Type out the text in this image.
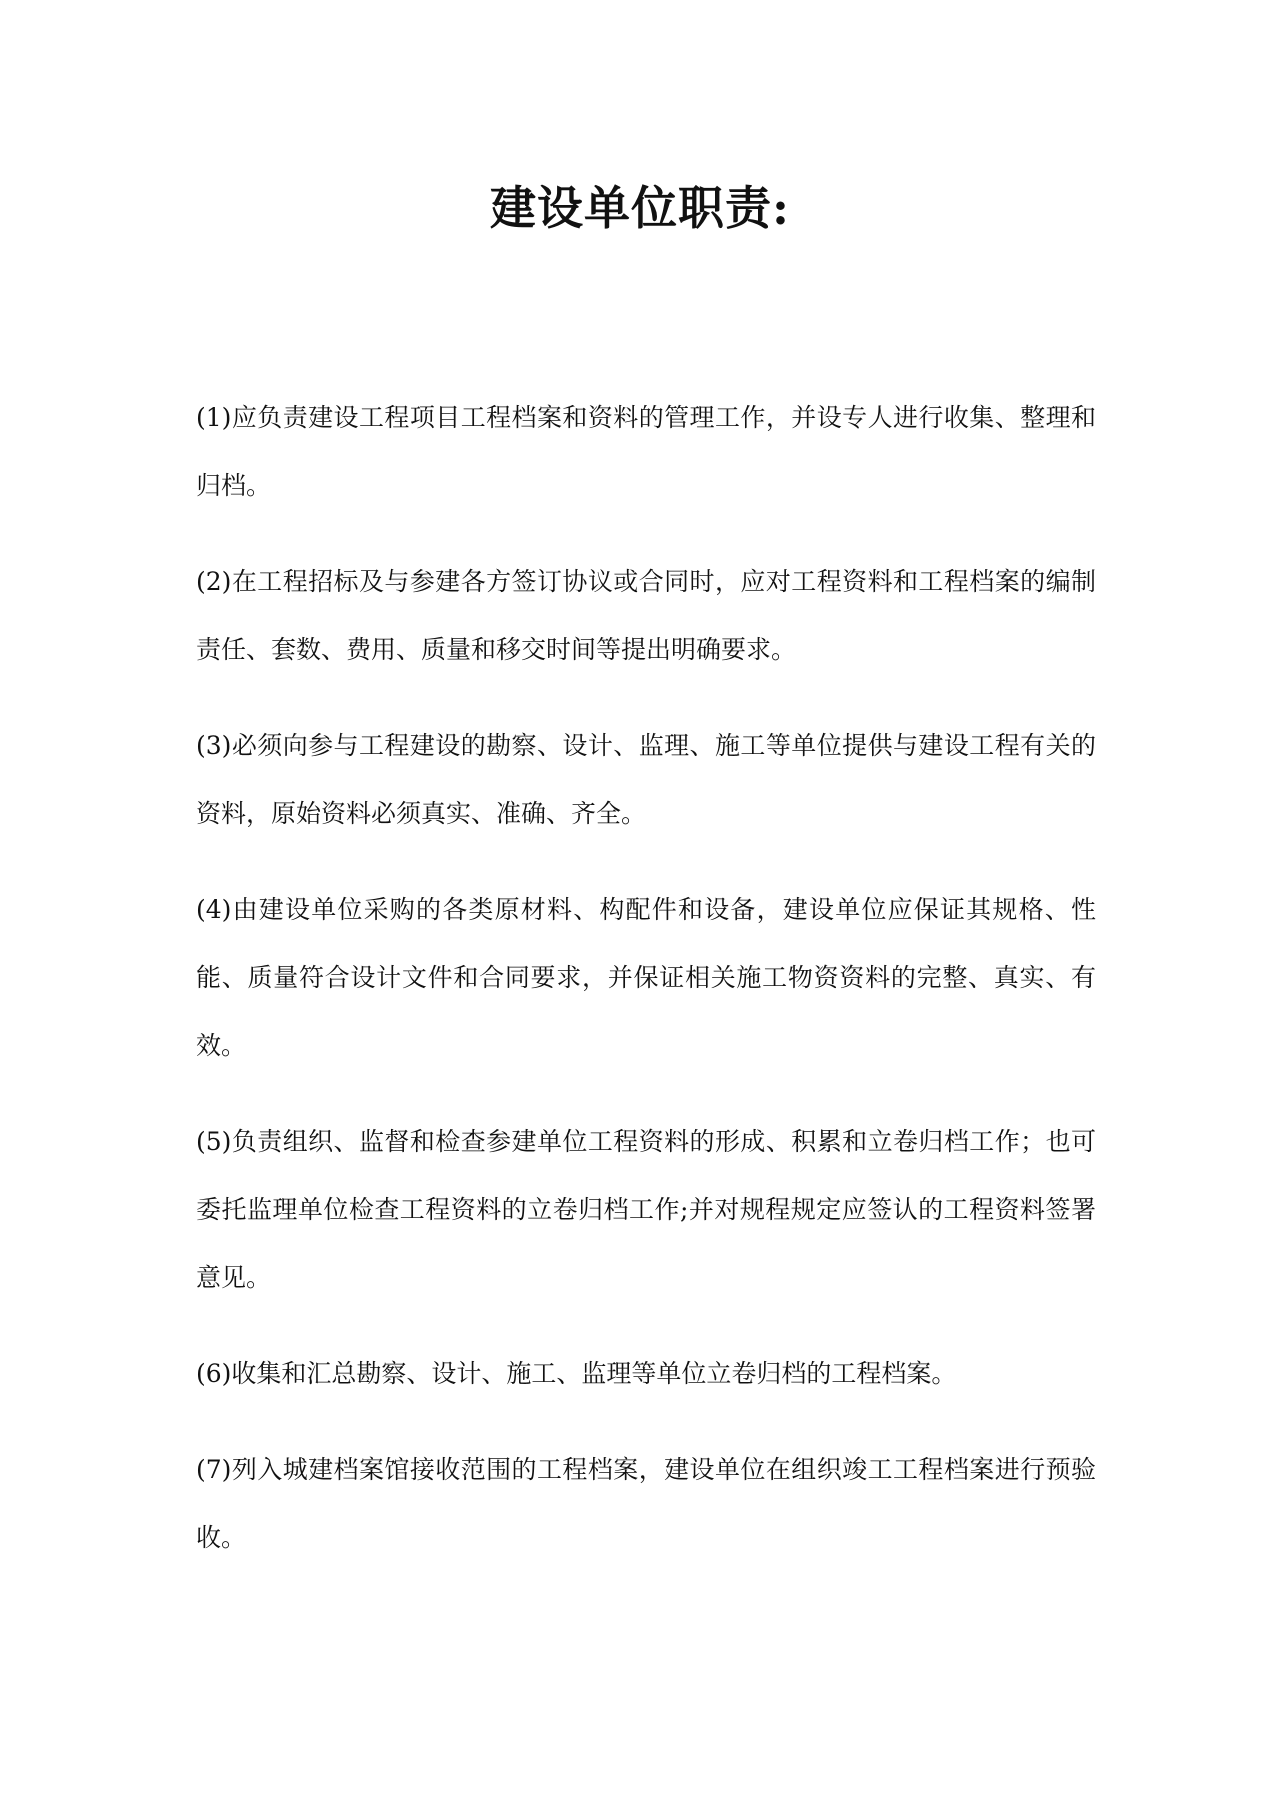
建设单位职责:

(1)应负责建设工程项目工程档案和资料的管理工作，并设专人进行收集、整理和归档。

(2)在工程招标及与参建各方签订协议或合同时，应对工程资料和工程档案的编制责任、套数、费用、质量和移交时间等提出明确要求。

(3)必须向参与工程建设的勘察、设计、监理、施工等单位提供与建设工程有关的资料，原始资料必须真实、准确、齐全。

(4)由建设单位采购的各类原材料、构配件和设备，建设单位应保证其规格、性能、质量符合设计文件和合同要求，并保证相关施工物资资料的完整、真实、有效。

(5)负责组织、监督和检查参建单位工程资料的形成、积累和立卷归档工作；也可委托监理单位检查工程资料的立卷归档工作;并对规程规定应签认的工程资料签署意见。

(6)收集和汇总勘察、设计、施工、监理等单位立卷归档的工程档案。

(7)列入城建档案馆接收范围的工程档案，建设单位在组织竣工工程档案进行预验收。
